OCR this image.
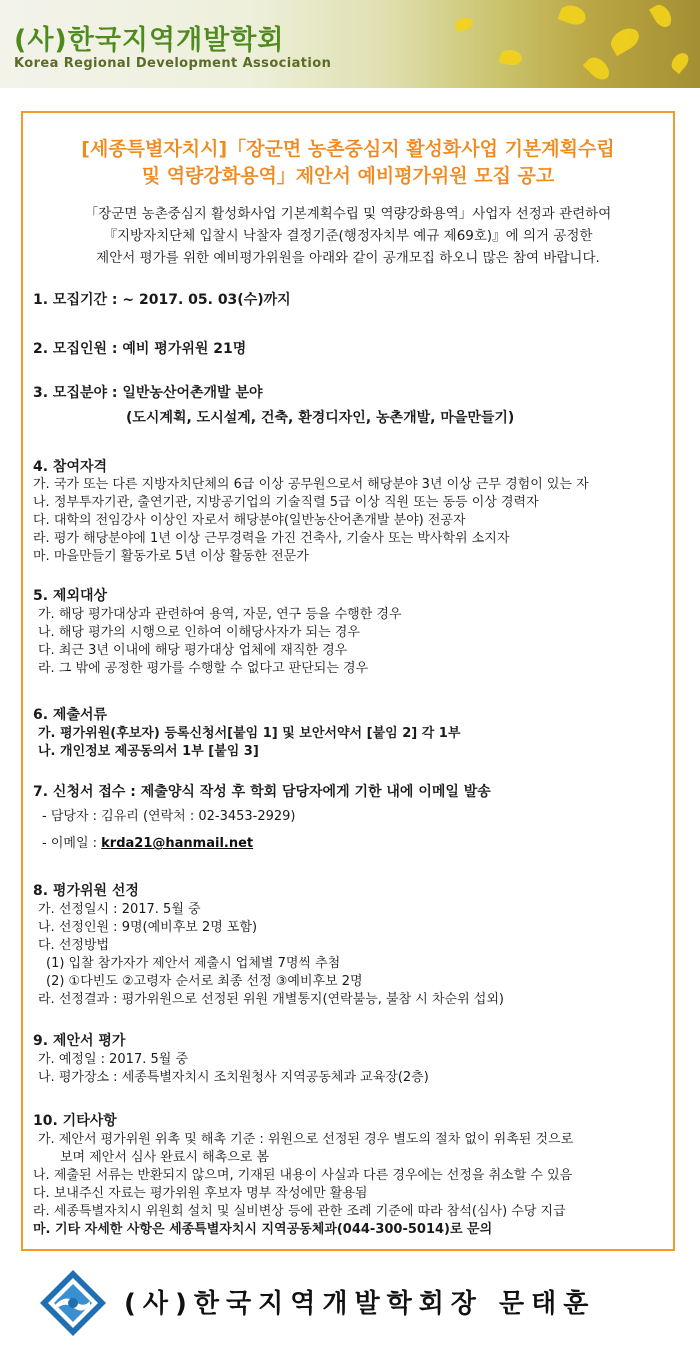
(사)한국지역개발학회
Korea Regional Development Association
[세종특별자치시]「장군면 농촌중심지 활성화사업 기본계획수립
및 역량강화용역」제안서 예비평가위원 모집 공고
「장군면 농촌중심지 활성화사업 기본계획수립 및 역량강화용역」사업자 선정과 관련하여
『지방자치단체 입찰시 낙찰자 결정기준(행정자치부 예규 제69호)』에 의거 공정한
제안서 평가를 위한 예비평가위원을 아래와 같이 공개모집 하오니 많은 참여 바랍니다.
1. 모집기간 : ~ 2017. 05. 03(수)까지
2. 모집인원 : 예비 평가위원 21명
3. 모집분야 : 일반농산어촌개발 분야
(도시계획, 도시설계, 건축, 환경디자인, 농촌개발, 마을만들기)
4. 참여자격
가. 국가 또는 다른 지방자치단체의 6급 이상 공무원으로서 해당분야 3년 이상 근무 경험이 있는 자
나. 정부투자기관, 출연기관, 지방공기업의 기술직렬 5급 이상 직원 또는 동등 이상 경력자
다. 대학의 전임강사 이상인 자로서 해당분야(일반농산어촌개발 분야) 전공자
라. 평가 해당분야에 1년 이상 근무경력을 가진 건축사, 기술사 또는 박사학위 소지자
마. 마을만들기 활동가로 5년 이상 활동한 전문가
5. 제외대상
가. 해당 평가대상과 관련하여 용역, 자문, 연구 등을 수행한 경우
나. 해당 평가의 시행으로 인하여 이해당사자가 되는 경우
다. 최근 3년 이내에 해당 평가대상 업체에 재직한 경우
라. 그 밖에 공정한 평가를 수행할 수 없다고 판단되는 경우
6. 제출서류
가. 평가위원(후보자) 등록신청서[붙임 1] 및 보안서약서 [붙임 2] 각 1부
나. 개인정보 제공동의서 1부 [붙임 3]
7. 신청서 접수 : 제출양식 작성 후 학회 담당자에게 기한 내에 이메일 발송
- 담당자 : 김유리 (연락처 : 02-3453-2929)
- 이메일 : krda21@hanmail.net
8. 평가위원 선정
가. 선정일시 : 2017. 5월 중
나. 선정인원 : 9명(예비후보 2명 포함)
다. 선정방법
(1) 입찰 참가자가 제안서 제출시 업체별 7명씩 추첨
(2) ①다빈도 ②고령자 순서로 최종 선정 ③예비후보 2명
라. 선정결과 : 평가위원으로 선정된 위원 개별통지(연락불능, 불참 시 차순위 섭외)
9. 제안서 평가
가. 예정일 : 2017. 5월 중
나. 평가장소 : 세종특별자치시 조치원청사 지역공동체과 교육장(2층)
10. 기타사항
가. 제안서 평가위원 위촉 및 해촉 기준 : 위원으로 선정된 경우 별도의 절차 없이 위촉된 것으로
보며 제안서 심사 완료시 해촉으로 봄
나. 제출된 서류는 반환되지 않으며, 기재된 내용이 사실과 다른 경우에는 선정을 취소할 수 있음
다. 보내주신 자료는 평가위원 후보자 명부 작성에만 활용됨
라. 세종특별자치시 위원회 설치 및 실비변상 등에 관한 조례 기준에 따라 참석(심사) 수당 지급
마. 기타 자세한 사항은 세종특별자치시 지역공동체과(044-300-5014)로 문의
(사)한국지역개발학회장 문태훈
